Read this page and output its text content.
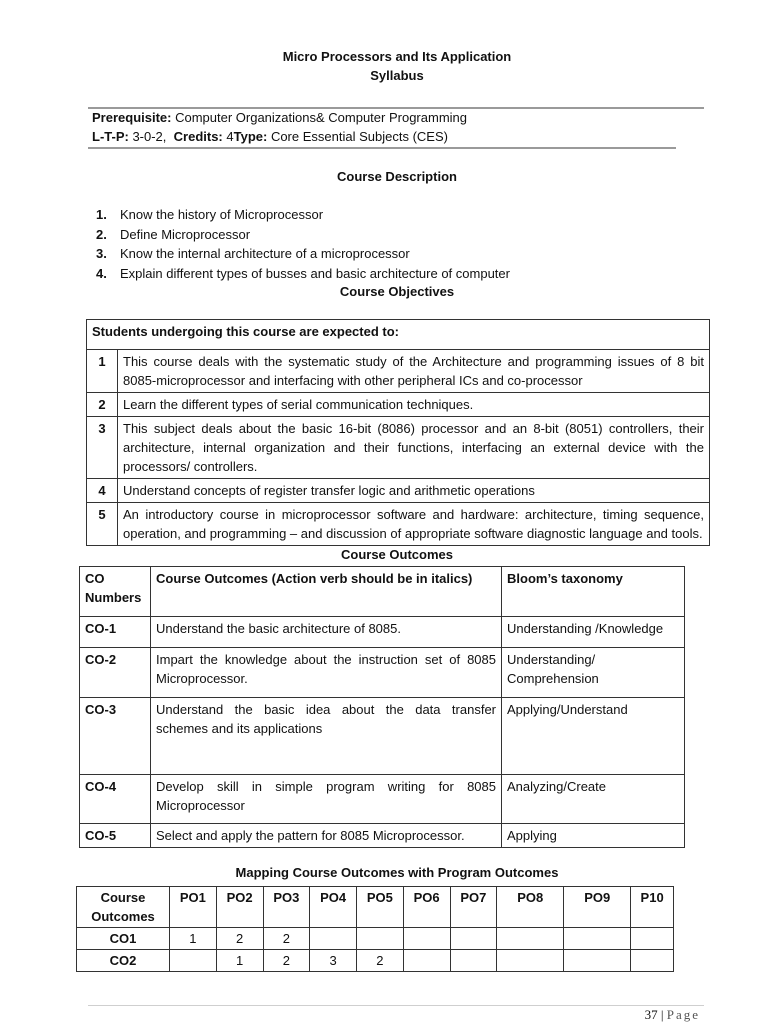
Micro Processors and Its Application
Syllabus
Prerequisite: Computer Organizations& Computer Programming
L-T-P: 3-0-2, Credits: 4Type: Core Essential Subjects (CES)
Course Description
1. Know the history of Microprocessor
2. Define Microprocessor
3. Know the internal architecture of a microprocessor
4. Explain different types of busses and basic architecture of computer
Course Objectives
Students undergoing this course are expected to:	
1	This course deals with the systematic study of the Architecture and programming issues of 8 bit 8085-microprocessor and interfacing with other peripheral ICs and co-processor
2	Learn the different types of serial communication techniques.
3	This subject deals about the basic 16-bit (8086) processor and an 8-bit (8051) controllers, their architecture, internal organization and their functions, interfacing an external device with the processors/ controllers.
4	Understand concepts of register transfer logic and arithmetic operations
5	An introductory course in microprocessor software and hardware: architecture, timing sequence, operation, and programming – and discussion of appropriate software diagnostic language and tools.
Course Outcomes
CO Numbers	Course Outcomes (Action verb should be in italics)	Bloom’s taxonomy
CO-1	Understand the basic architecture of 8085.	Understanding /Knowledge
CO-2	Impart the knowledge about the instruction set of 8085 Microprocessor.	Understanding/ Comprehension
CO-3	Understand the basic idea about the data transfer schemes and its applications	Applying/Understand
CO-4	Develop skill in simple program writing for 8085 Microprocessor	Analyzing/Create
CO-5	Select and apply the pattern for 8085 Microprocessor.	Applying
Mapping Course Outcomes with Program Outcomes
Course Outcomes	PO1	PO2	PO3	PO4	PO5	PO6	PO7	PO8	PO9	P10
CO1	1	2	2							
CO2		1	2	3	2					
37 | Page
